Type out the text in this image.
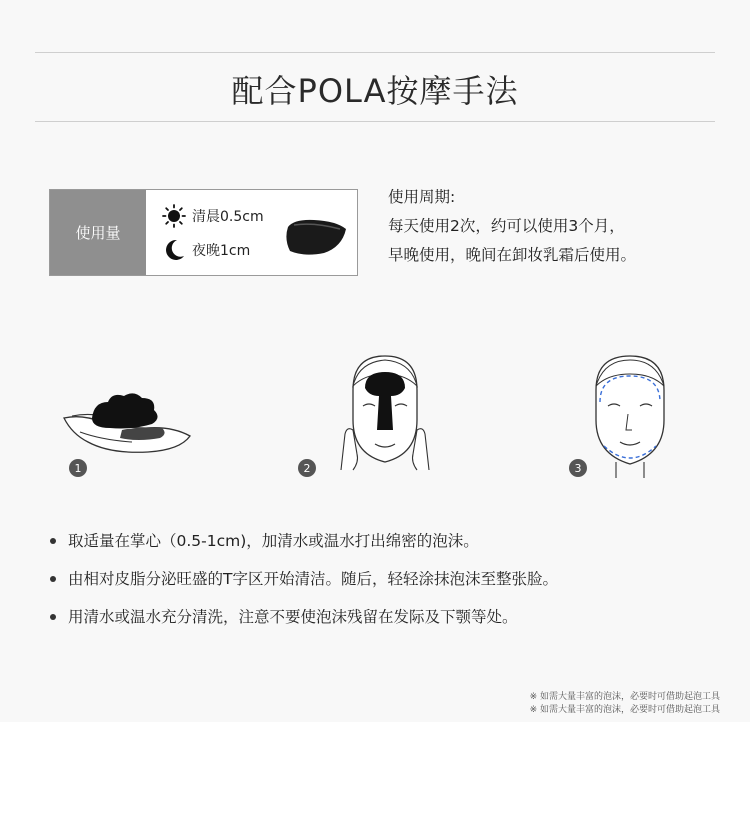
配合POLA按摩手法
使用量
清晨0.5cm
夜晚1cm
使用周期:
每天使用2次，约可以使用3个月，
早晚使用，晚间在卸妆乳霜后使用。
1	2	3
取适量在掌心（0.5-1cm)，加清水或温水打出绵密的泡沫。
由相对皮脂分泌旺盛的T字区开始清洁。随后，轻轻涂抹泡沫至整张脸。
用清水或温水充分清洗，注意不要使泡沫残留在发际及下颚等处。
※ 如需大量丰富的泡沫，必要时可借助起泡工具
※ 如需大量丰富的泡沫，必要时可借助起泡工具
